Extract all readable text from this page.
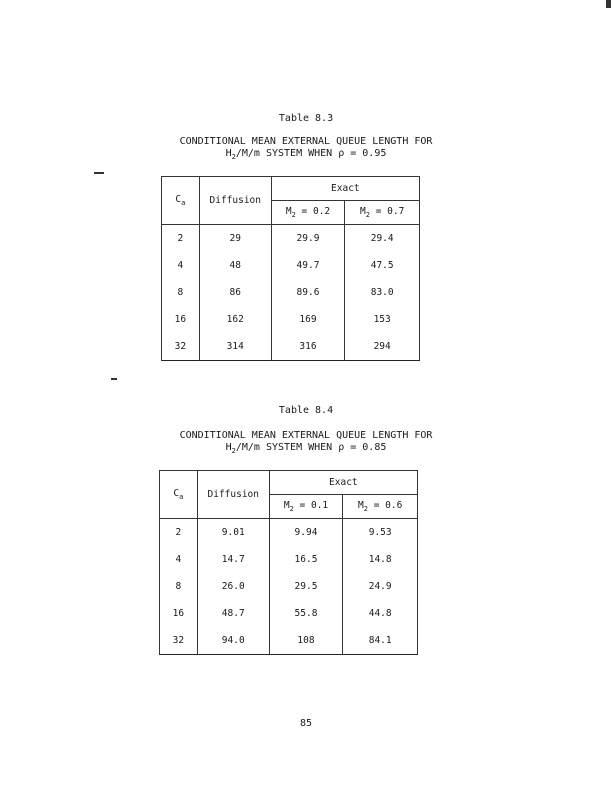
Table 8.3
CONDITIONAL MEAN EXTERNAL QUEUE LENGTH FOR
$H_2/M/m$ SYSTEM WHEN ρ = 0.95
$C_a$	Diffusion	Exact	
		$M_2 = 0.2$	$M_2 = 0.7$
2	29	29.9	29.4
4	48	49.7	47.5
8	86	89.6	83.0
16	162	169	153
32	314	316	294
Table 8.4
CONDITIONAL MEAN EXTERNAL QUEUE LENGTH FOR
$H_2/M/m$ SYSTEM WHEN ρ = 0.85
$C_a$	Diffusion	Exact	
		$M_2 = 0.1$	$M_2 = 0.6$
2	9.01	9.94	9.53
4	14.7	16.5	14.8
8	26.0	29.5	24.9
16	48.7	55.8	44.8
32	94.0	108	84.1
85
